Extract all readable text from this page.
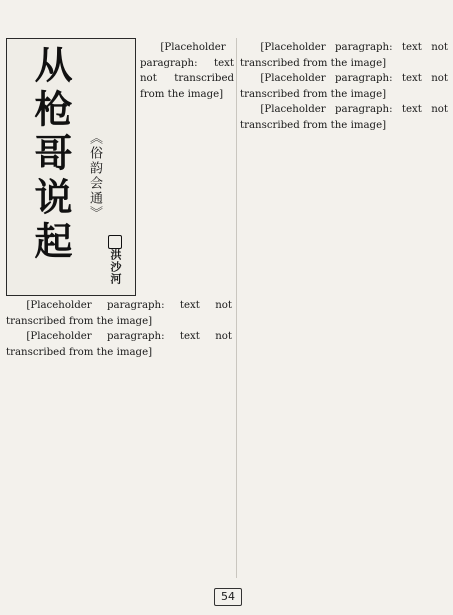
从枪哥说起 《俗韵会通》
洪沙河

[Placeholder paragraph: text not transcribed from the image]

[Placeholder paragraph: text not transcribed from the image]

[Placeholder paragraph: text not transcribed from the image]

[Placeholder paragraph: text not transcribed from the image]

[Placeholder paragraph: text not transcribed from the image]

[Placeholder paragraph: text not transcribed from the image]

54
